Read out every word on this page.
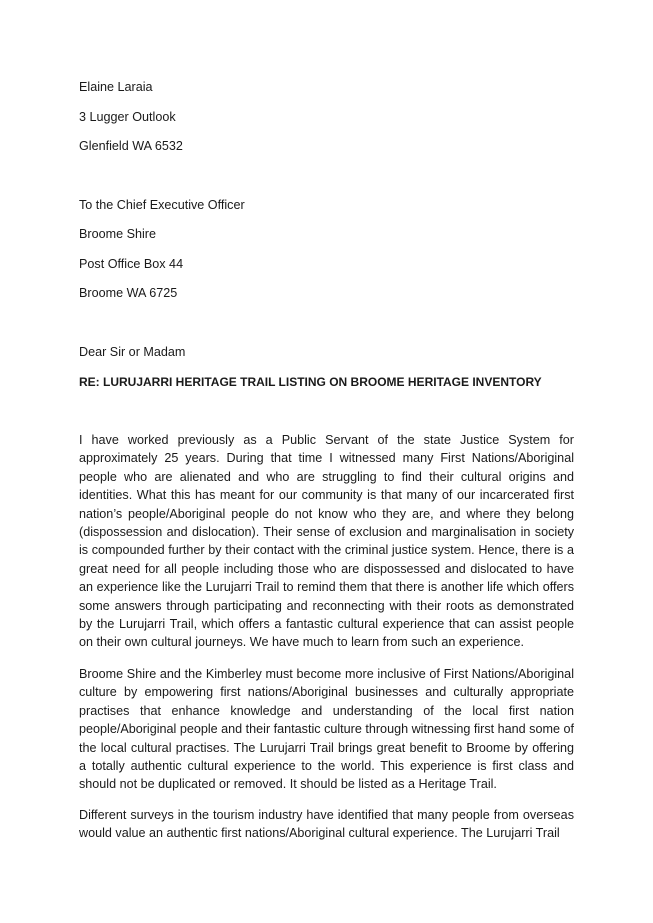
Elaine Laraia
3 Lugger Outlook
Glenfield WA 6532
To the Chief Executive Officer
Broome Shire
Post Office Box 44
Broome WA 6725
Dear Sir or Madam
RE: LURUJARRI HERITAGE TRAIL LISTING ON BROOME HERITAGE INVENTORY
I have worked previously as a Public Servant of the state Justice System for approximately 25 years. During that time I witnessed many First Nations/Aboriginal people who are alienated and who are struggling to find their cultural origins and identities. What this has meant for our community is that many of our incarcerated first nation’s people/Aboriginal people do not know who they are, and where they belong (dispossession and dislocation). Their sense of exclusion and marginalisation in society is compounded further by their contact with the criminal justice system. Hence, there is a great need for all people including those who are dispossessed and dislocated to have an experience like the Lurujarri Trail to remind them that there is another life which offers some answers through participating and reconnecting with their roots as demonstrated by the Lurujarri Trail, which offers a fantastic cultural experience that can assist people on their own cultural journeys. We have much to learn from such an experience.
Broome Shire and the Kimberley must become more inclusive of First Nations/Aboriginal culture by empowering first nations/Aboriginal businesses and culturally appropriate practises that enhance knowledge and understanding of the local first nation people/Aboriginal people and their fantastic culture through witnessing first hand some of the local cultural practises. The Lurujarri Trail brings great benefit to Broome by offering a totally authentic cultural experience to the world. This experience is first class and should not be duplicated or removed. It should be listed as a Heritage Trail.
Different surveys in the tourism industry have identified that many people from overseas would value an authentic first nations/Aboriginal cultural experience. The Lurujarri Trail
